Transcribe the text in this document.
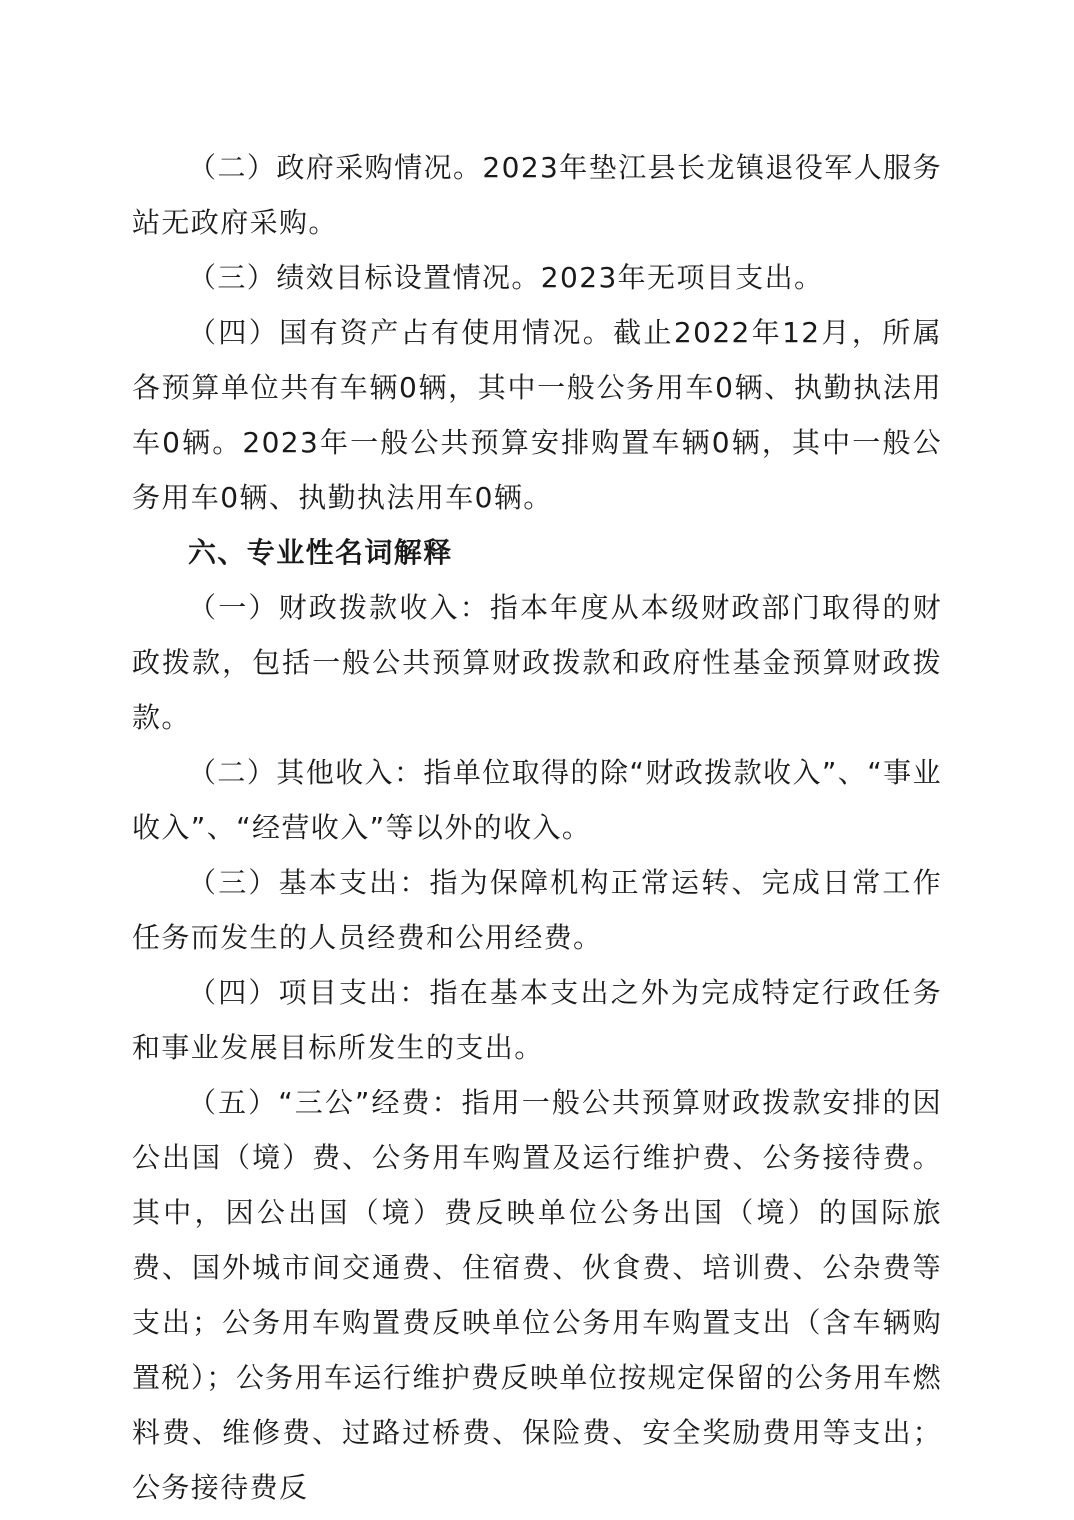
（二）政府采购情况。2023年垫江县长龙镇退役军人服务站无政府采购。

（三）绩效目标设置情况。2023年无项目支出。

（四）国有资产占有使用情况。截止2022年12月，所属各预算单位共有车辆0辆，其中一般公务用车0辆、执勤执法用车0辆。2023年一般公共预算安排购置车辆0辆，其中一般公务用车0辆、执勤执法用车0辆。

六、专业性名词解释

（一）财政拨款收入：指本年度从本级财政部门取得的财政拨款，包括一般公共预算财政拨款和政府性基金预算财政拨款。

（二）其他收入：指单位取得的除“财政拨款收入”、“事业收入”、“经营收入”等以外的收入。

（三）基本支出：指为保障机构正常运转、完成日常工作任务而发生的人员经费和公用经费。

（四）项目支出：指在基本支出之外为完成特定行政任务和事业发展目标所发生的支出。

（五）“三公”经费：指用一般公共预算财政拨款安排的因公出国（境）费、公务用车购置及运行维护费、公务接待费。其中，因公出国（境）费反映单位公务出国（境）的国际旅费、国外城市间交通费、住宿费、伙食费、培训费、公杂费等支出；公务用车购置费反映单位公务用车购置支出（含车辆购置税）；公务用车运行维护费反映单位按规定保留的公务用车燃料费、维修费、过路过桥费、保险费、安全奖励费用等支出；公务接待费反
